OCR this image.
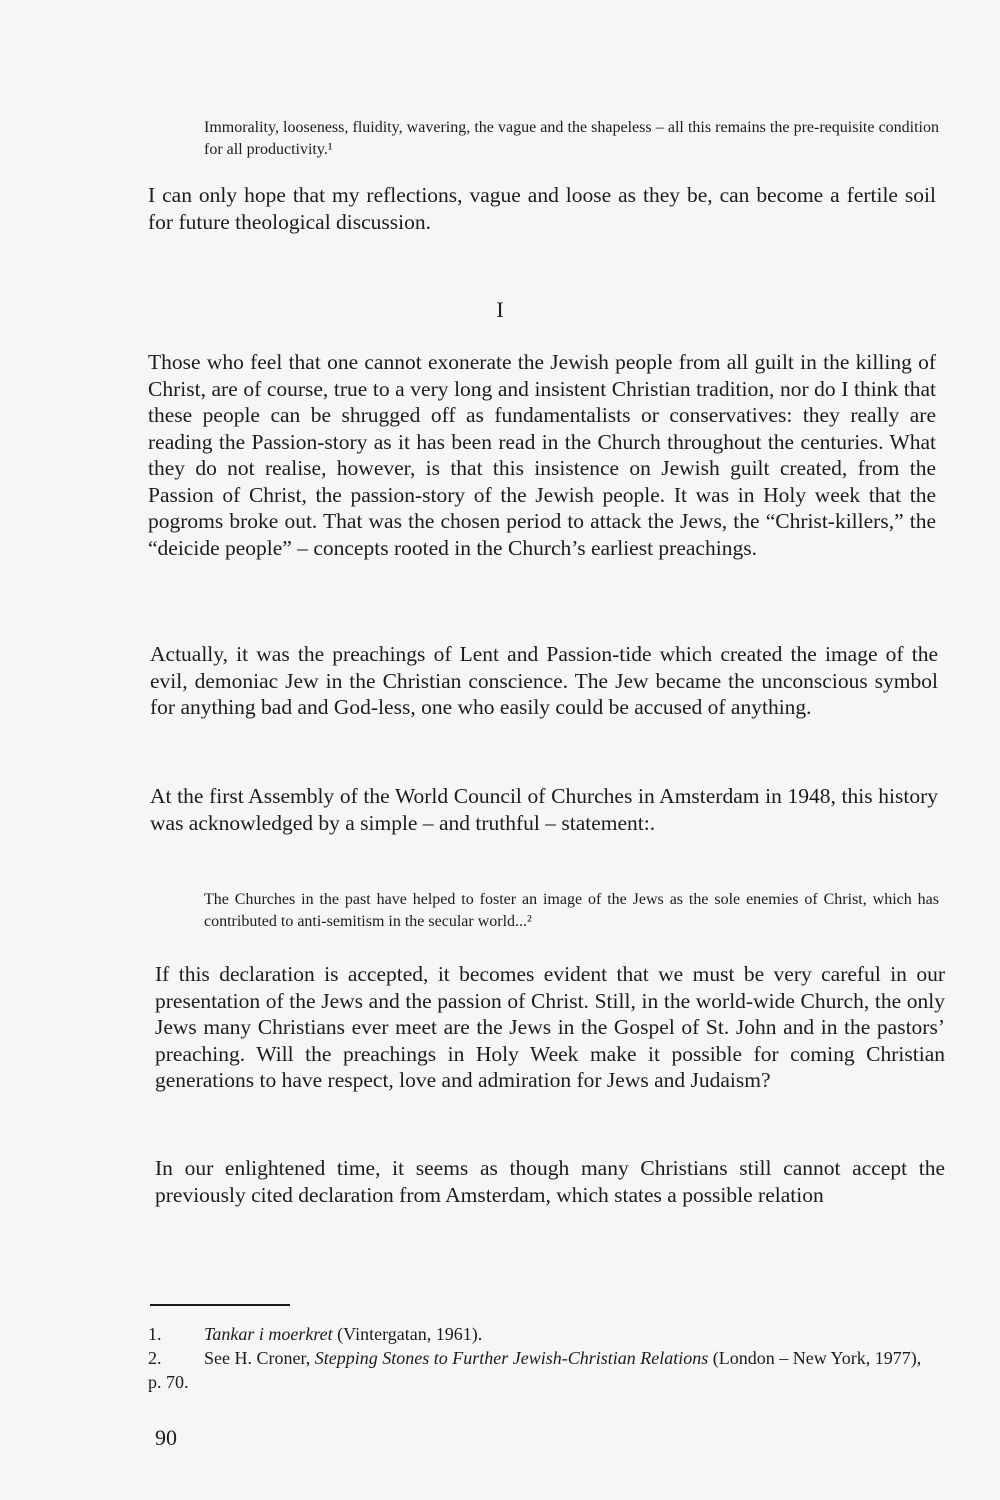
Immorality, looseness, fluidity, wavering, the vague and the shapeless – all this remains the pre-requisite condition for all productivity.¹
I can only hope that my reflections, vague and loose as they be, can become a fertile soil for future theological discussion.
I
Those who feel that one cannot exonerate the Jewish people from all guilt in the killing of Christ, are of course, true to a very long and insistent Christian tradition, nor do I think that these people can be shrugged off as fundamentalists or conservatives: they really are reading the Passion-story as it has been read in the Church throughout the centuries. What they do not realise, however, is that this insistence on Jewish guilt created, from the Passion of Christ, the passion-story of the Jewish people. It was in Holy week that the pogroms broke out. That was the chosen period to attack the Jews, the “Christ-killers,” the “deicide people” – concepts rooted in the Church’s earliest preachings.
Actually, it was the preachings of Lent and Passion-tide which created the image of the evil, demoniac Jew in the Christian conscience. The Jew became the unconscious symbol for anything bad and God-less, one who easily could be accused of anything.
At the first Assembly of the World Council of Churches in Amsterdam in 1948, this history was acknowledged by a simple – and truthful – statement:.
The Churches in the past have helped to foster an image of the Jews as the sole enemies of Christ, which has contributed to anti-semitism in the secular world...²
If this declaration is accepted, it becomes evident that we must be very careful in our presentation of the Jews and the passion of Christ. Still, in the world-wide Church, the only Jews many Christians ever meet are the Jews in the Gospel of St. John and in the pastors’ preaching. Will the preachings in Holy Week make it possible for coming Christian generations to have respect, love and admiration for Jews and Judaism?
In our enlightened time, it seems as though many Christians still cannot accept the previously cited declaration from Amsterdam, which states a possible relation
1. Tankar i moerkret (Vintergatan, 1961).
2. See H. Croner, Stepping Stones to Further Jewish-Christian Relations (London – New York, 1977), p. 70.
90
